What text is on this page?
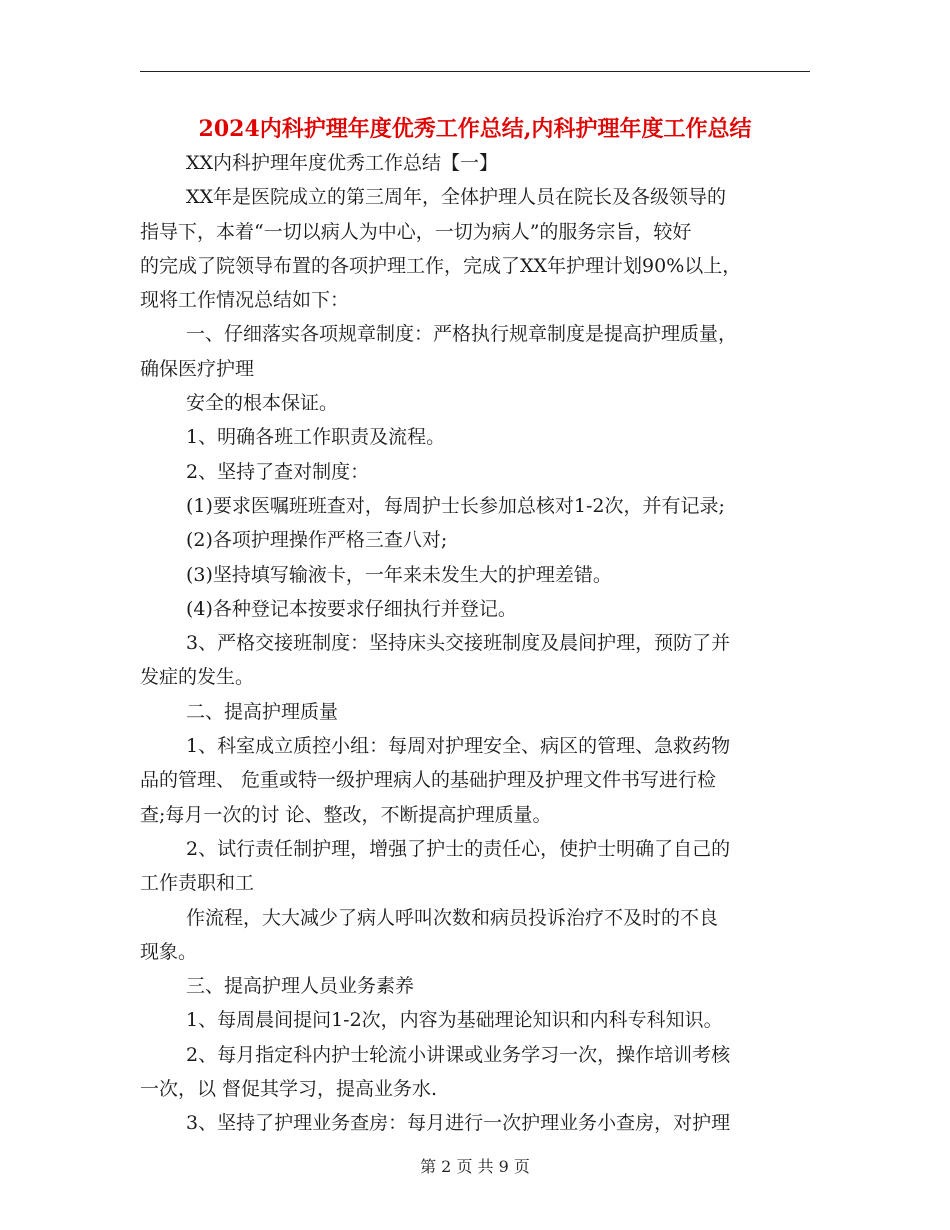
2024内科护理年度优秀工作总结,内科护理年度工作总结
XX内科护理年度优秀工作总结【一】
XX年是医院成立的第三周年，全体护理人员在院长及各级领导的
指导下，本着“一切以病人为中心，一切为病人”的服务宗旨，较好
的完成了院领导布置的各项护理工作，完成了XX年护理计划90%以上，
现将工作情况总结如下：
一、仔细落实各项规章制度：严格执行规章制度是提高护理质量，
确保医疗护理
安全的根本保证。
1、明确各班工作职责及流程。
2、坚持了查对制度：
(1)要求医嘱班班查对，每周护士长参加总核对1-2次，并有记录;
(2)各项护理操作严格三查八对;
(3)坚持填写输液卡，一年来未发生大的护理差错。
(4)各种登记本按要求仔细执行并登记。
3、严格交接班制度：坚持床头交接班制度及晨间护理，预防了并
发症的发生。
二、提高护理质量
1、科室成立质控小组：每周对护理安全、病区的管理、急救药物
品的管理、 危重或特一级护理病人的基础护理及护理文件书写进行检
查;每月一次的讨 论、整改，不断提高护理质量。
2、试行责任制护理，增强了护士的责任心，使护士明确了自己的
工作责职和工
作流程，大大减少了病人呼叫次数和病员投诉治疗不及时的不良
现象。
三、提高护理人员业务素养
1、每周晨间提问1-2次，内容为基础理论知识和内科专科知识。
2、每月指定科内护士轮流小讲课或业务学习一次，操作培训考核
一次，以 督促其学习，提高业务水.
3、坚持了护理业务查房：每月进行一次护理业务小查房，对护理
第 2 页 共 9 页
